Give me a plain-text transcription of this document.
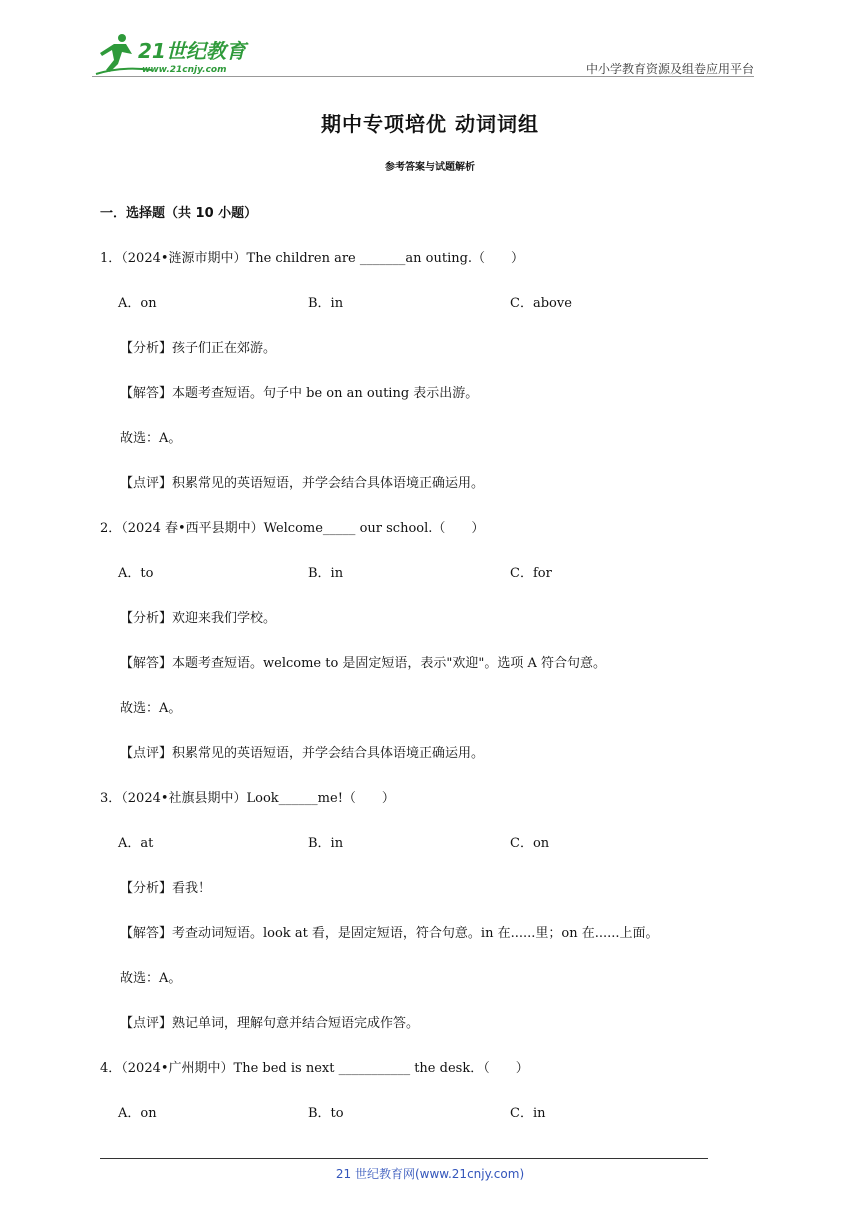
21世纪教育
www.21cnjy.com	中小学教育资源及组卷应用平台
期中专项培优 动词词组
参考答案与试题解析
一．选择题（共 10 小题）
1．（2024•涟源市期中）The children are _______an outing.（　　）
A．on	B．in	C．above
【分析】孩子们正在郊游。
【解答】本题考查短语。句子中 be on an outing 表示出游。
故选：A。
【点评】积累常见的英语短语，并学会结合具体语境正确运用。
2．（2024 春•西平县期中）Welcome_____ our school.（　　）
A．to	B．in	C．for
【分析】欢迎来我们学校。
【解答】本题考查短语。welcome to 是固定短语，表示"欢迎"。选项 A 符合句意。
故选：A。
【点评】积累常见的英语短语，并学会结合具体语境正确运用。
3．（2024•社旗县期中）Look______me!（　　）
A．at	B．in	C．on
【分析】看我！
【解答】考查动词短语。look at 看，是固定短语，符合句意。in 在......里；on 在......上面。
故选：A。
【点评】熟记单词，理解句意并结合短语完成作答。
4．（2024•广州期中）The bed is next ___________ the desk．（　　）
A．on	B．to	C．in
21 世纪教育网(www.21cnjy.com)
